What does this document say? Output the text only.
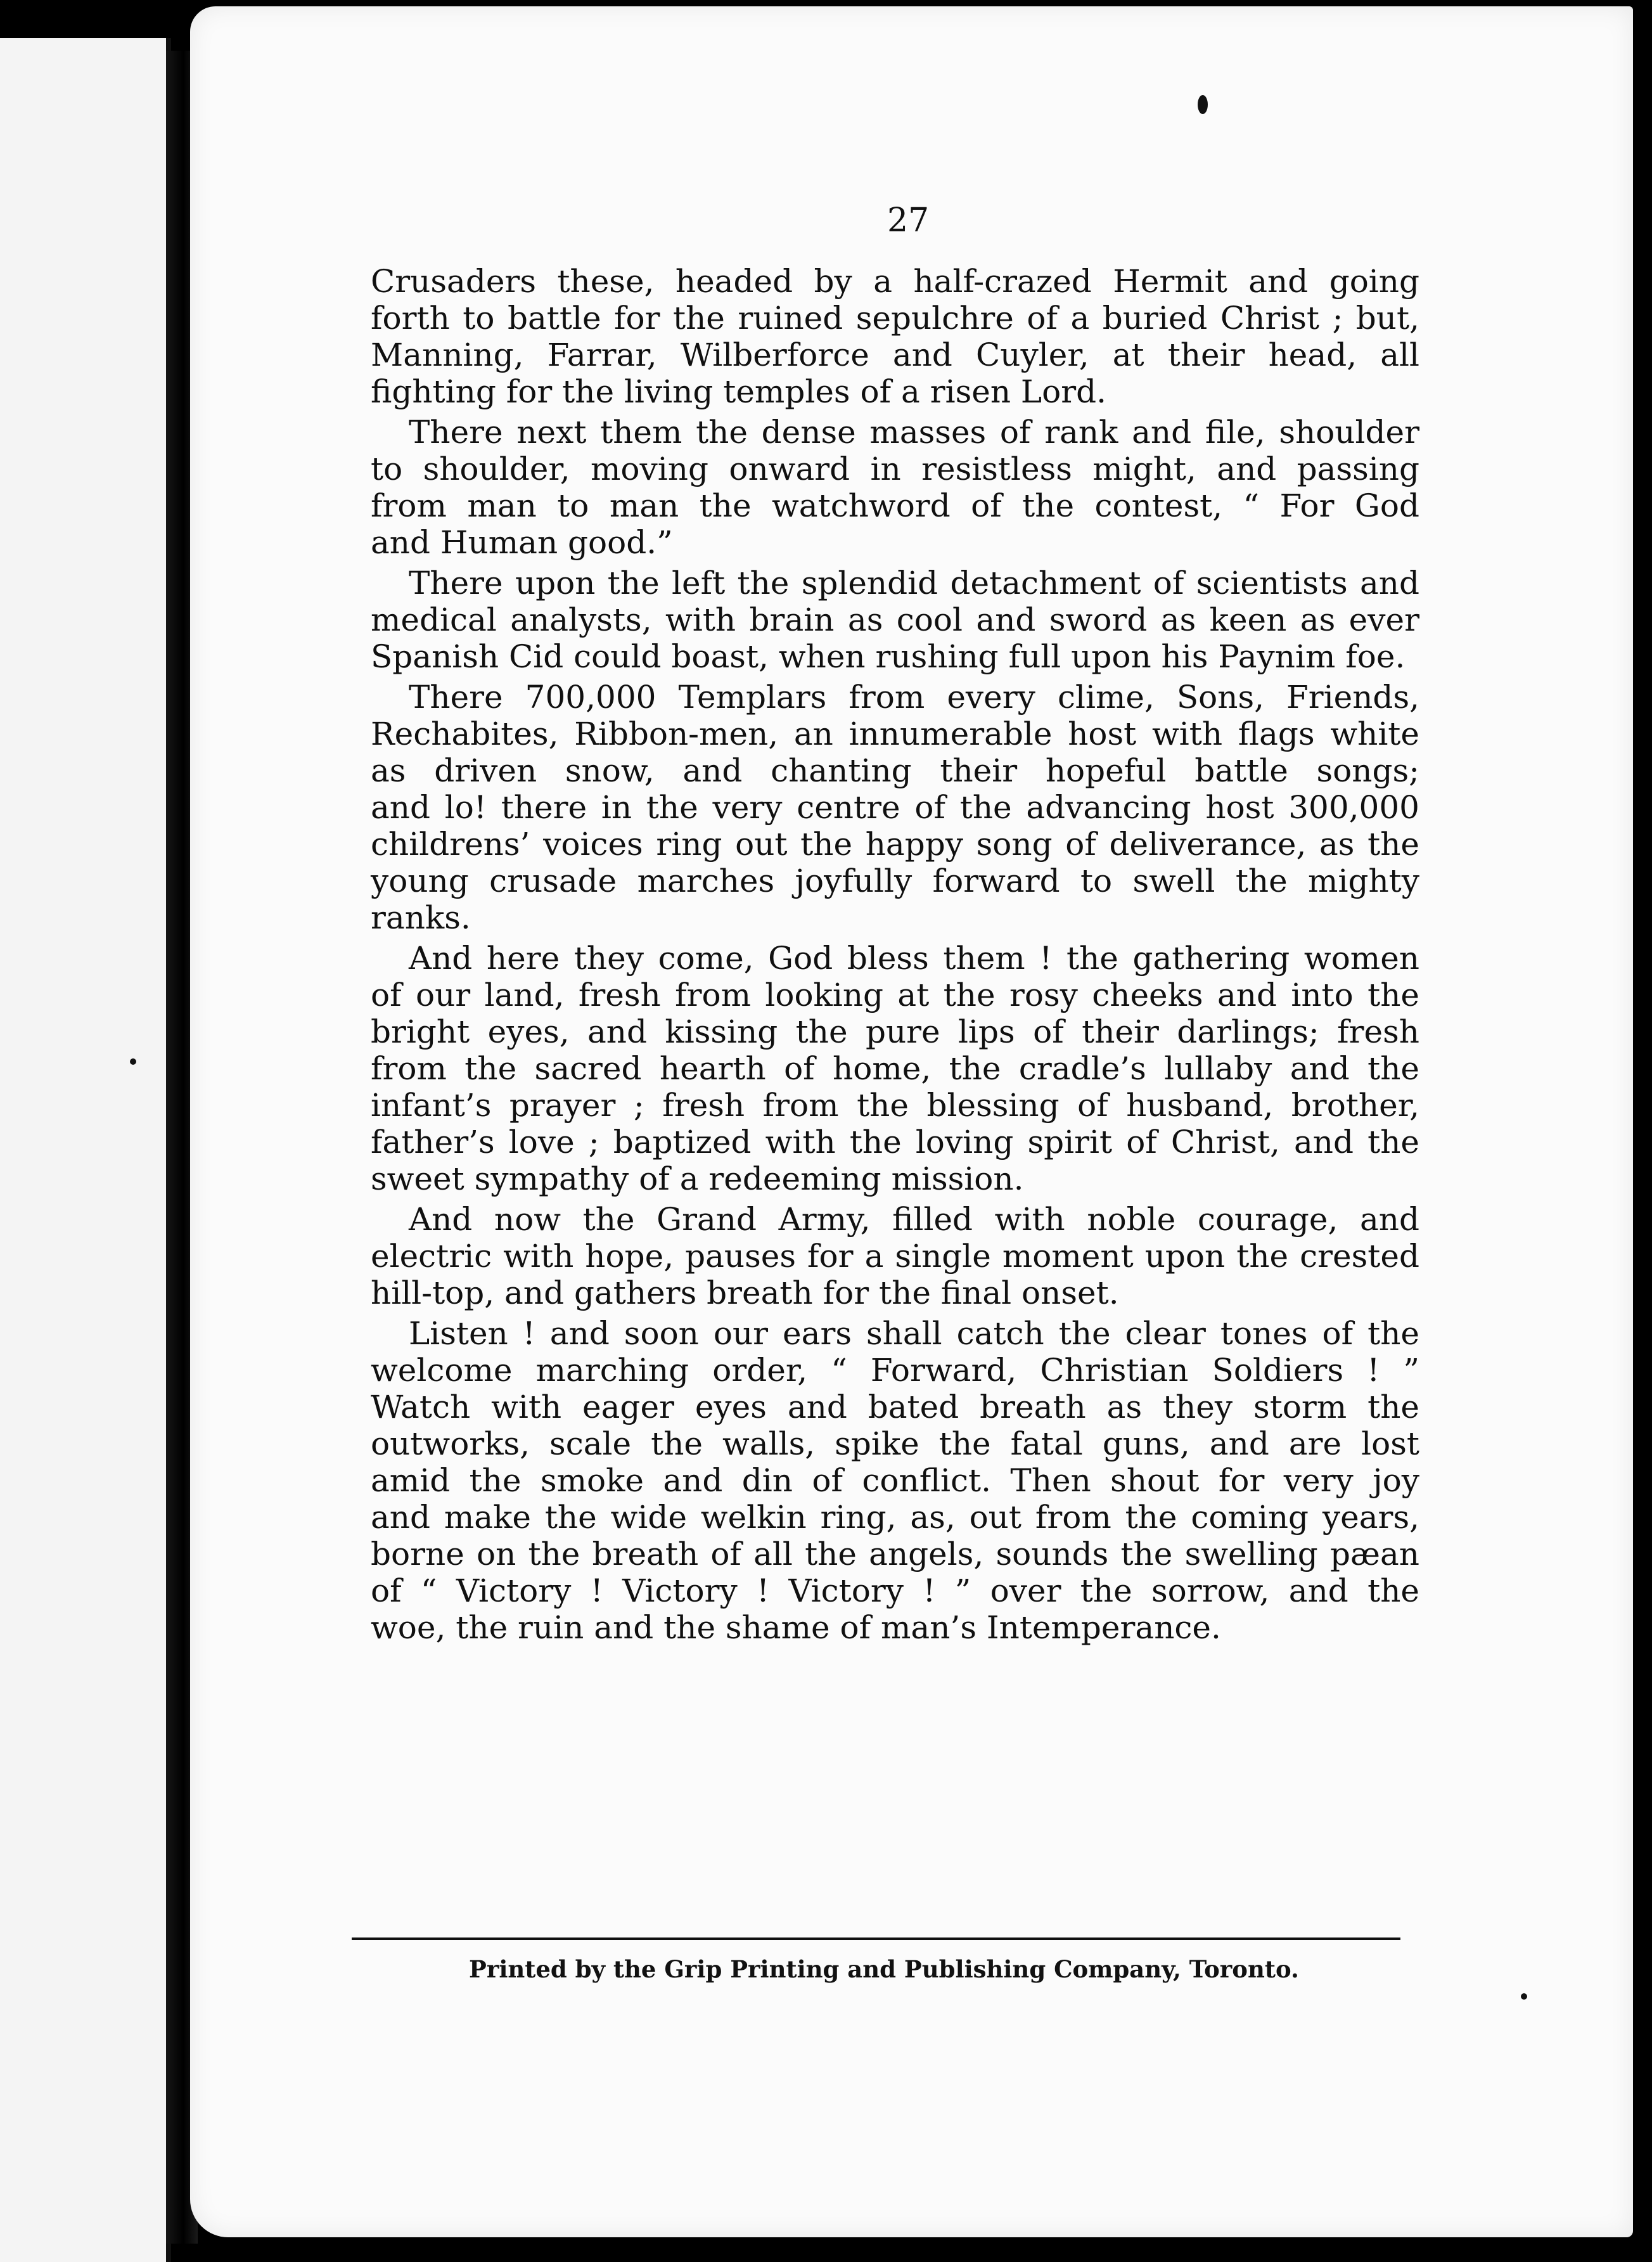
27

Crusaders these, headed by a half-crazed Hermit and going
forth to battle for the ruined sepulchre of a buried Christ ; but,
Manning, Farrar, Wilberforce and Cuyler, at their head, all
fighting for the living temples of a risen Lord.
There next them the dense masses of rank and file, shoulder
to shoulder, moving onward in resistless might, and passing
from man to man the watchword of the contest, “ For God
and Human good.”
There upon the left the splendid detachment of scientists and
medical analysts, with brain as cool and sword as keen as ever
Spanish Cid could boast, when rushing full upon his Paynim foe.
There 700,000 Templars from every clime, Sons, Friends,
Rechabites, Ribbon-men, an innumerable host with flags white
as driven snow, and chanting their hopeful battle songs;
and lo! there in the very centre of the advancing host 300,000
childrens’ voices ring out the happy song of deliverance, as the
young crusade marches joyfully forward to swell the mighty
ranks.
And here they come, God bless them ! the gathering women
of our land, fresh from looking at the rosy cheeks and into the
bright eyes, and kissing the pure lips of their darlings; fresh
from the sacred hearth of home, the cradle’s lullaby and the
infant’s prayer ; fresh from the blessing of husband, brother,
father’s love ; baptized with the loving spirit of Christ, and the
sweet sympathy of a redeeming mission.
And now the Grand Army, filled with noble courage, and
electric with hope, pauses for a single moment upon the crested
hill-top, and gathers breath for the final onset.
Listen ! and soon our ears shall catch the clear tones of the
welcome marching order, “ Forward, Christian Soldiers ! ”
Watch with eager eyes and bated breath as they storm the
outworks, scale the walls, spike the fatal guns, and are lost
amid the smoke and din of conflict. Then shout for very joy
and make the wide welkin ring, as, out from the coming years,
borne on the breath of all the angels, sounds the swelling pæan
of “ Victory ! Victory ! Victory ! ” over the sorrow, and the
woe, the ruin and the shame of man’s Intemperance.

Printed by the Grip Printing and Publishing Company, Toronto.
